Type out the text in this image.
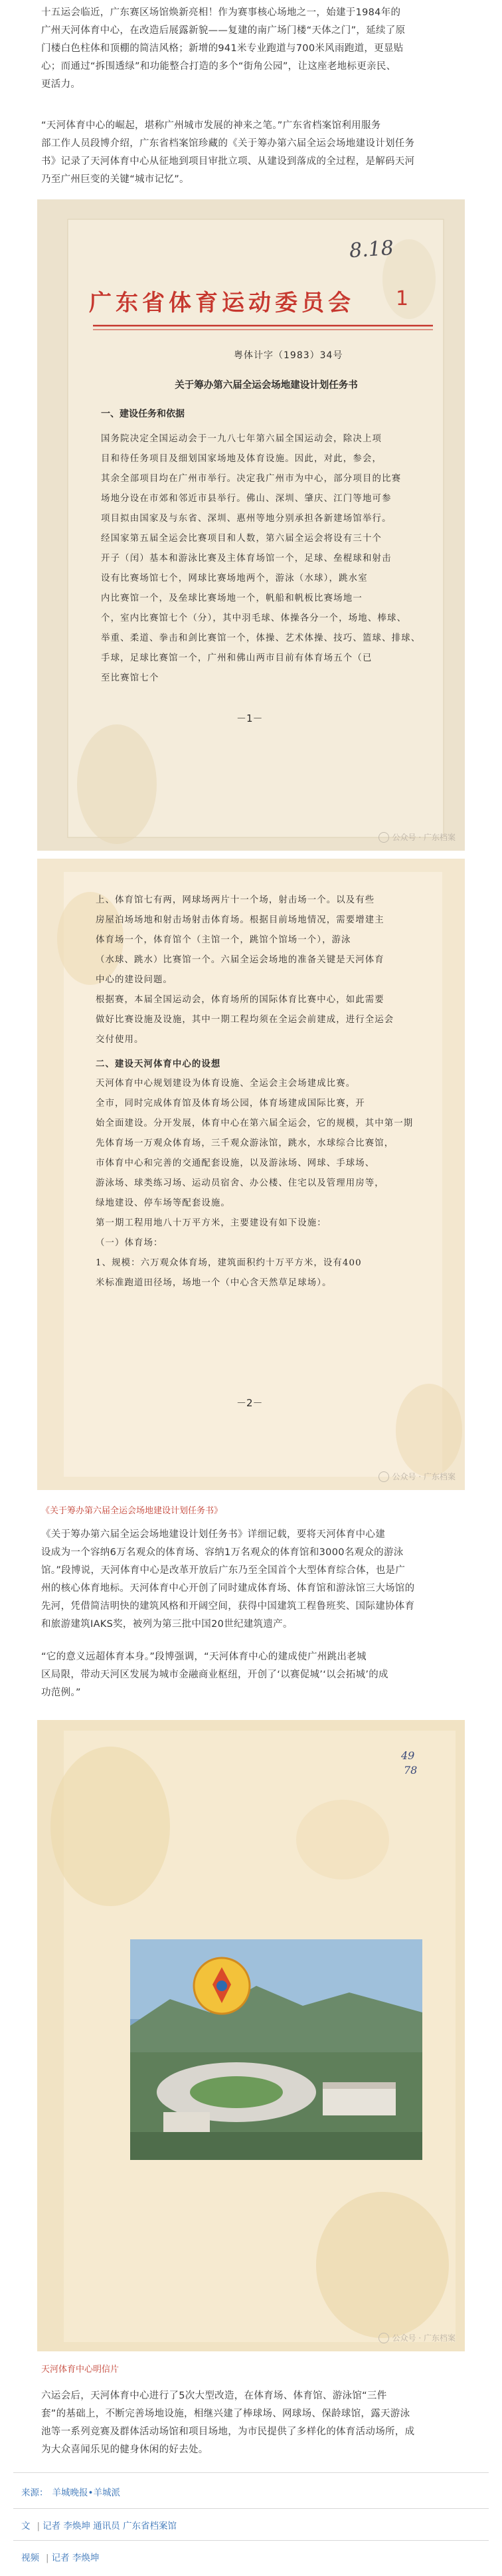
十五运会临近，广东赛区场馆焕新亮相！作为赛事核心场地之一，始建于1984年的
广州天河体育中心，在改造后展露新貌——复建的南广场门楼“天体之门”，延续了原
门楼白色柱体和顶棚的简洁风格；新增的941米专业跑道与700米风雨跑道，更显贴
心；而通过“拆围透绿”和功能整合打造的多个“街角公园”，让这座老地标更亲民、
更活力。
“天河体育中心的崛起，堪称广州城市发展的神来之笔。”广东省档案馆利用服务
部工作人员段博介绍，广东省档案馆珍藏的《关于筹办第六届全运会场地建设计划任务
书》记录了天河体育中心从征地到项目审批立项、从建设到落成的全过程，是解码天河
乃至广州巨变的关键“城市记忆”。
8.18
广东省体育运动委员会	1
粤体计字（1983）34号
关于筹办第六届全运会场地建设计划任务书
一、建设任务和依据
国务院决定全国运动会于一九八七年第六届全国运动会，除决上项
目和待任务项目及细划国家场地及体育设施。因此，对此，参会，
其余全部项目均在广州市举行。决定我广州市为中心，部分项目的比赛
场地分设在市郊和邻近市县举行。佛山、深圳、肇庆、江门等地可参
项目拟由国家及与东省、深圳、惠州等地分别承担各新建场馆举行。
经国家第五届全运会比赛项目和人数，第六届全运会将设有三十个
开子（闰）基本和游泳比赛及主体育场馆一个，足球、垒棍球和射击
设有比赛场馆七个，网球比赛场地两个，游泳（水球），跳水室
内比赛馆一个，及垒球比赛场地一个，帆船和帆板比赛场地一
个，室内比赛馆七个（分），其中羽毛球、体操各分一个，场地、棒球、
举重、柔道、拳击和剑比赛馆一个，体操、艺术体操、技巧、篮球、排球、
手球，足球比赛馆一个，广州和佛山两市目前有体育场五个（已
至比赛馆七个
－1－
公众号 · 广东档案
上、体育馆七有两，网球场两片十一个场，射击场一个。以及有些
房屋泊场场地和射击场射击体育场。根据目前场地情况，需要增建主
体育场一个，体育馆个（主馆一个，跳馆个馆场一个），游泳
（水球、跳水）比赛馆一个。六届全运会场地的准备关键是天河体育
中心的建设问题。
根据赛，本届全国运动会，体育场所的国际体育比赛中心，如此需要
做好比赛设施及设施，其中一期工程均须在全运会前建成，进行全运会
交付使用。
二、建设天河体育中心的设想
天河体育中心规划建设为体育设施、全运会主会场建成比赛。
全市，同时完成体育馆及体育场公园，体育场建成国际比赛，开
始全面建设。分开发展，体育中心在第六届全运会，它的规模，其中第一期
先体育场一万观众体育场，三千观众游泳馆，跳水，水球综合比赛馆，
市体育中心和完善的交通配套设施，以及游泳场、网球、手球场、
游泳场、球类练习场、运动员宿舍、办公楼、住宅以及管理用房等，
绿地建设、停车场等配套设施。
第一期工程用地八十万平方米，主要建设有如下设施：
（一）体育场：
1、规模：六万观众体育场，建筑面积约十万平方米，设有400
米标准跑道田径场，场地一个（中心含天然草足球场）。
－2－
公众号 · 广东档案
《关于筹办第六届全运会场地建设计划任务书》
《关于筹办第六届全运会场地建设计划任务书》详细记载，要将天河体育中心建
设成为一个容纳6万名观众的体育场、容纳1万名观众的体育馆和3000名观众的游泳
馆。”段博说，天河体育中心是改革开放后广东乃至全国首个大型体育综合体，也是广
州的核心体育地标。天河体育中心开创了同时建成体育场、体育馆和游泳馆三大场馆的
先河，凭借简洁明快的建筑风格和开阔空间，获得中国建筑工程鲁班奖、国际建协体育
和旅游建筑IAKS奖，被列为第三批中国20世纪建筑遗产。
“它的意义远超体育本身。”段博强调，“天河体育中心的建成使广州跳出老城
区局限，带动天河区发展为城市金融商业枢纽，开创了‘以赛促城’‘以会拓城’的成
功范例。”
49
78
公众号 · 广东档案
天河体育中心明信片
六运会后，天河体育中心进行了5次大型改造，在体育场、体育馆、游泳馆“三件
套”的基础上，不断完善场地设施，相继兴建了棒球场、网球场、保龄球馆，露天游泳
池等一系列竞赛及群体活动场馆和项目场地，为市民提供了多样化的体育活动场所，成
为大众喜闻乐见的健身休闲的好去处。
来源： 羊城晚报•羊城派
文 | 记者 李焕坤 通讯员 广东省档案馆
视频 | 记者 李焕坤
